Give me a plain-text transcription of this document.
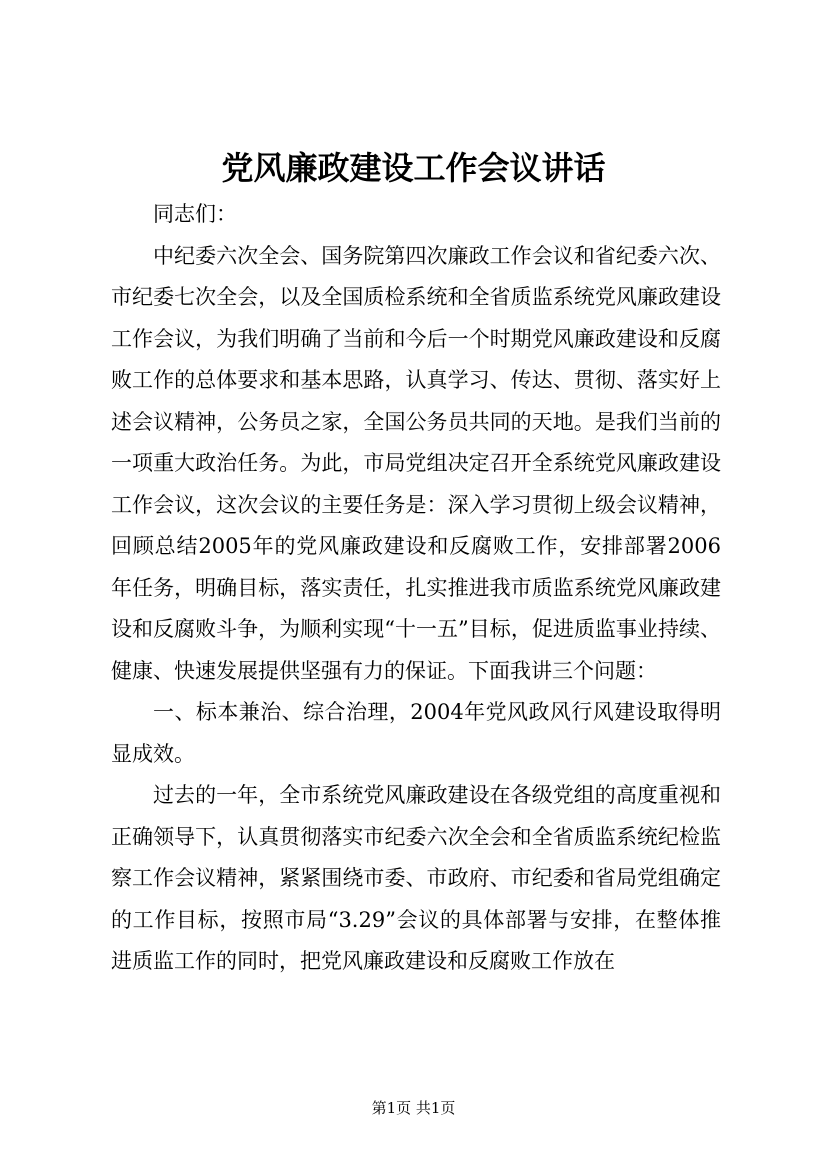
党风廉政建设工作会议讲话

同志们：

中纪委六次全会、国务院第四次廉政工作会议和省纪委六次、市纪委七次全会，以及全国质检系统和全省质监系统党风廉政建设工作会议，为我们明确了当前和今后一个时期党风廉政建设和反腐败工作的总体要求和基本思路，认真学习、传达、贯彻、落实好上述会议精神，公务员之家，全国公务员共同的天地。是我们当前的一项重大政治任务。为此，市局党组决定召开全系统党风廉政建设工作会议，这次会议的主要任务是：深入学习贯彻上级会议精神，回顾总结2005年的党风廉政建设和反腐败工作，安排部署2006年任务，明确目标，落实责任，扎实推进我市质监系统党风廉政建设和反腐败斗争，为顺利实现“十一五”目标，促进质监事业持续、健康、快速发展提供坚强有力的保证。下面我讲三个问题：

一、标本兼治、综合治理，2004年党风政风行风建设取得明显成效。

过去的一年，全市系统党风廉政建设在各级党组的高度重视和正确领导下，认真贯彻落实市纪委六次全会和全省质监系统纪检监察工作会议精神，紧紧围绕市委、市政府、市纪委和省局党组确定的工作目标，按照市局“3.29”会议的具体部署与安排，在整体推进质监工作的同时，把党风廉政建设和反腐败工作放在

第1页 共1页
